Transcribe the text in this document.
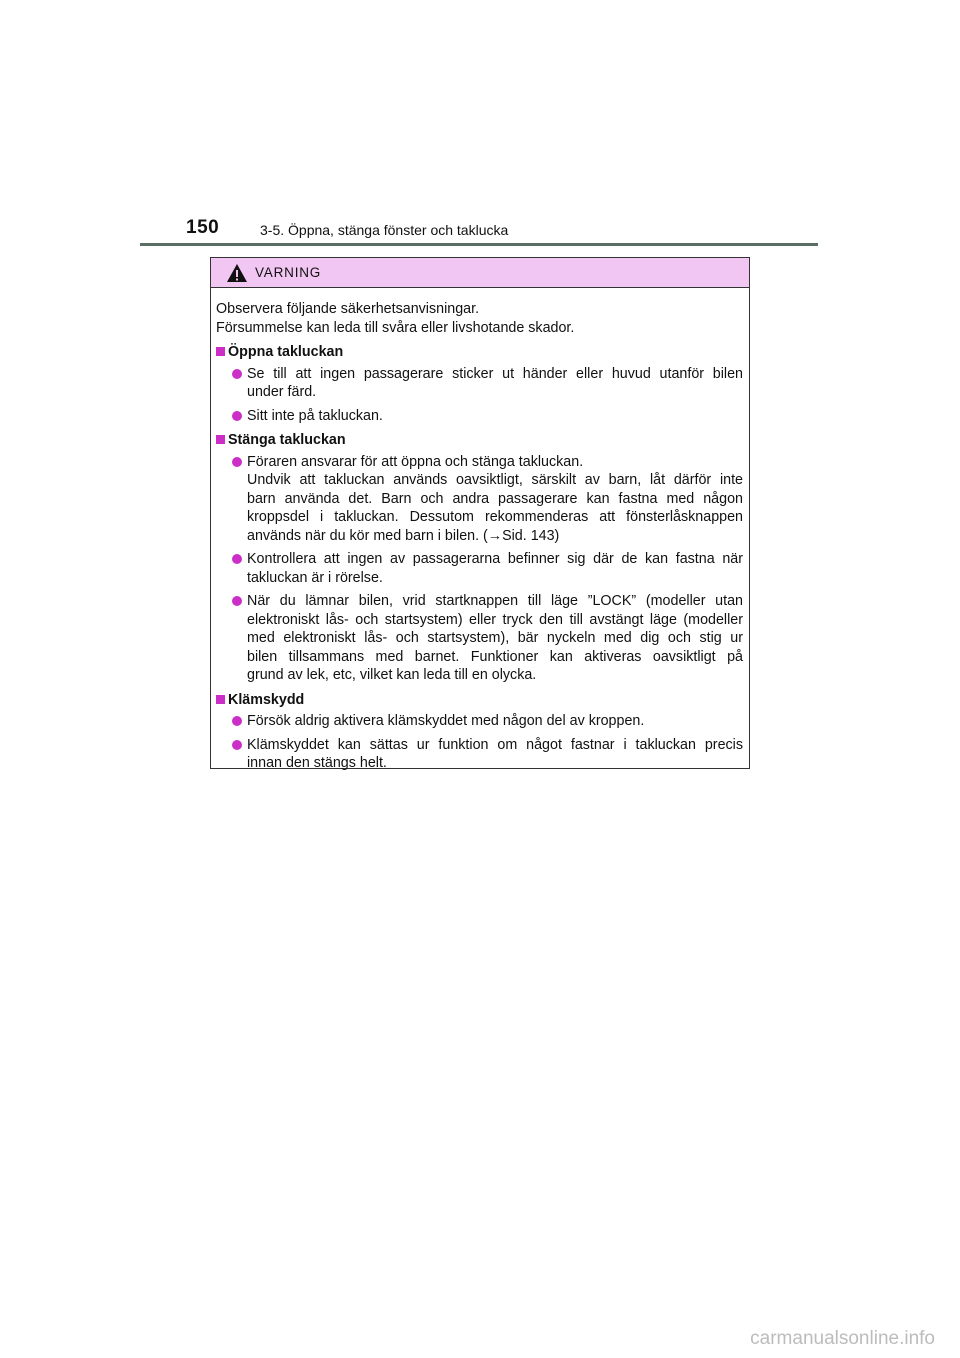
150	3-5. Öppna, stänga fönster och taklucka
VARNING
Observera följande säkerhetsanvisningar.
Försummelse kan leda till svåra eller livshotande skador.
Öppna takluckan
Se till att ingen passagerare sticker ut händer eller huvud utanför bilen
under färd.
Sitt inte på takluckan.
Stänga takluckan
Föraren ansvarar för att öppna och stänga takluckan.
Undvik att takluckan används oavsiktligt, särskilt av barn, låt därför inte
barn använda det. Barn och andra passagerare kan fastna med någon
kroppsdel i takluckan. Dessutom rekommenderas att fönsterlåsknappen
används när du kör med barn i bilen. (→Sid. 143)
Kontrollera att ingen av passagerarna befinner sig där de kan fastna när
takluckan är i rörelse.
När du lämnar bilen, vrid startknappen till läge ”LOCK” (modeller utan
elektroniskt lås- och startsystem) eller tryck den till avstängt läge (modeller
med elektroniskt lås- och startsystem), bär nyckeln med dig och stig ur
bilen tillsammans med barnet. Funktioner kan aktiveras oavsiktligt på
grund av lek, etc, vilket kan leda till en olycka.
Klämskydd
Försök aldrig aktivera klämskyddet med någon del av kroppen.
Klämskyddet kan sättas ur funktion om något fastnar i takluckan precis
innan den stängs helt.
carmanualsonline.info
